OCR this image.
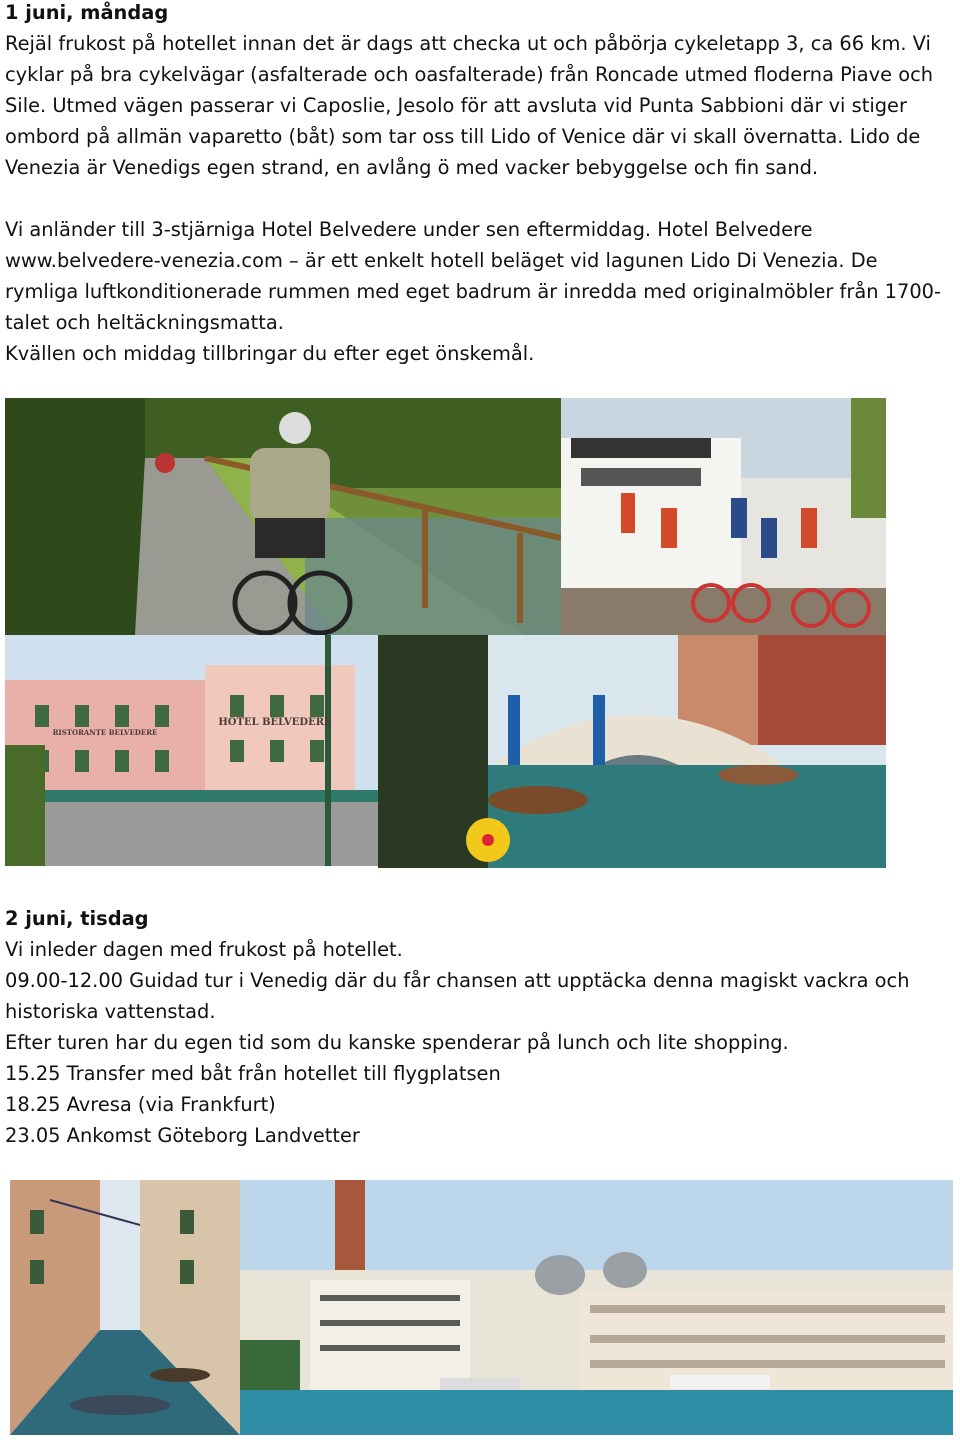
1 juni, måndag

Rejäl frukost på hotellet innan det är dags att checka ut och påbörja cykeletapp 3, ca 66 km. Vi cyklar på bra cykelvägar (asfalterade och oasfalterade) från Roncade utmed floderna Piave och Sile. Utmed vägen passerar vi Caposlie, Jesolo för att avsluta vid Punta Sabbioni där vi stiger ombord på allmän vaparetto (båt) som tar oss till Lido of Venice där vi skall övernatta. Lido de Venezia är Venedigs egen strand, en avlång ö med vacker bebyggelse och fin sand.

Vi anländer till 3-stjärniga Hotel Belvedere under sen eftermiddag. Hotel Belvedere www.belvedere-venezia.com – är ett enkelt hotell beläget vid lagunen Lido Di Venezia. De rymliga luftkonditionerade rummen med eget badrum är inredda med originalmöbler från 1700-talet och heltäckningsmatta.

Kvällen och middag tillbringar du efter eget önskemål.

HOTEL BELVEDERE
RISTORANTE BELVEDERE
2 juni, tisdag

Vi inleder dagen med frukost på hotellet.

09.00-12.00 Guidad tur i Venedig där du får chansen att upptäcka denna magiskt vackra och historiska vattenstad.

Efter turen har du egen tid som du kanske spenderar på lunch och lite shopping.

15.25 Transfer med båt från hotellet till flygplatsen

18.25 Avresa (via Frankfurt)

23.05 Ankomst Göteborg Landvetter
